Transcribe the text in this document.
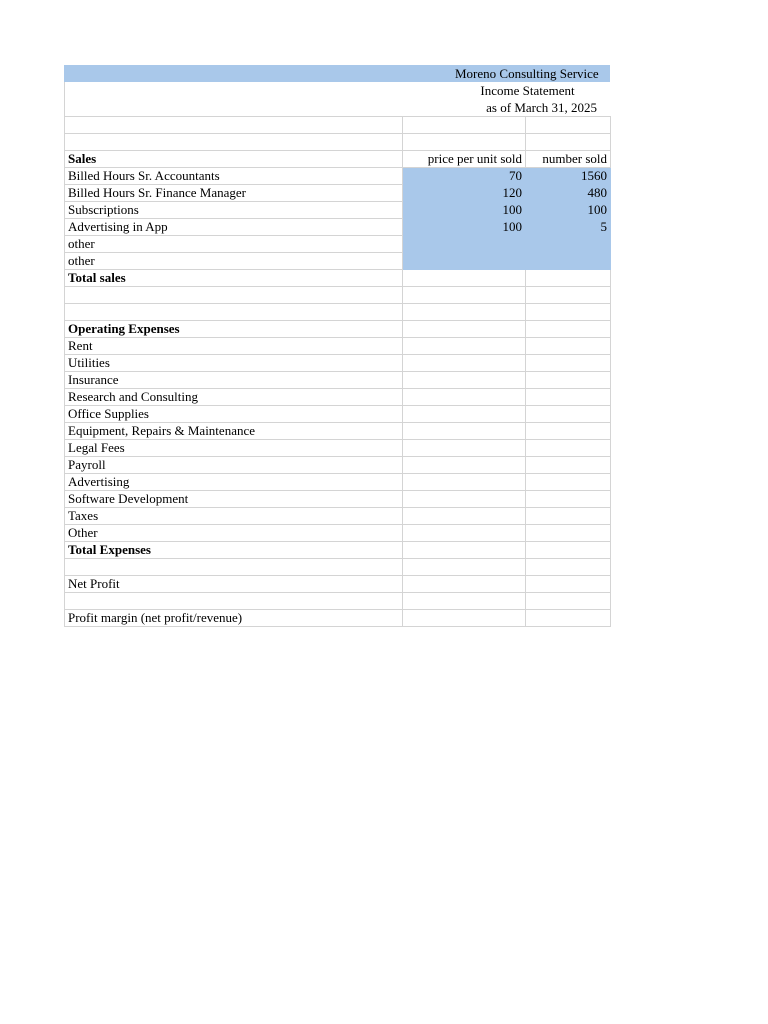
Moreno Consulting Service
Income Statement
as of March 31, 2025

Sales	price per unit sold	number sold
Billed Hours Sr. Accountants	70	1560
Billed Hours Sr. Finance Manager	120	480
Subscriptions	100	100
Advertising in App	100	5
other		
other		
Total sales		

Operating Expenses		
Rent		
Utilities		
Insurance		
Research and Consulting		
Office Supplies		
Equipment, Repairs & Maintenance		
Legal Fees		
Payroll		
Advertising		
Software Development		
Taxes		
Other		
Total Expenses		

Net Profit		

Profit margin (net profit/revenue)		
